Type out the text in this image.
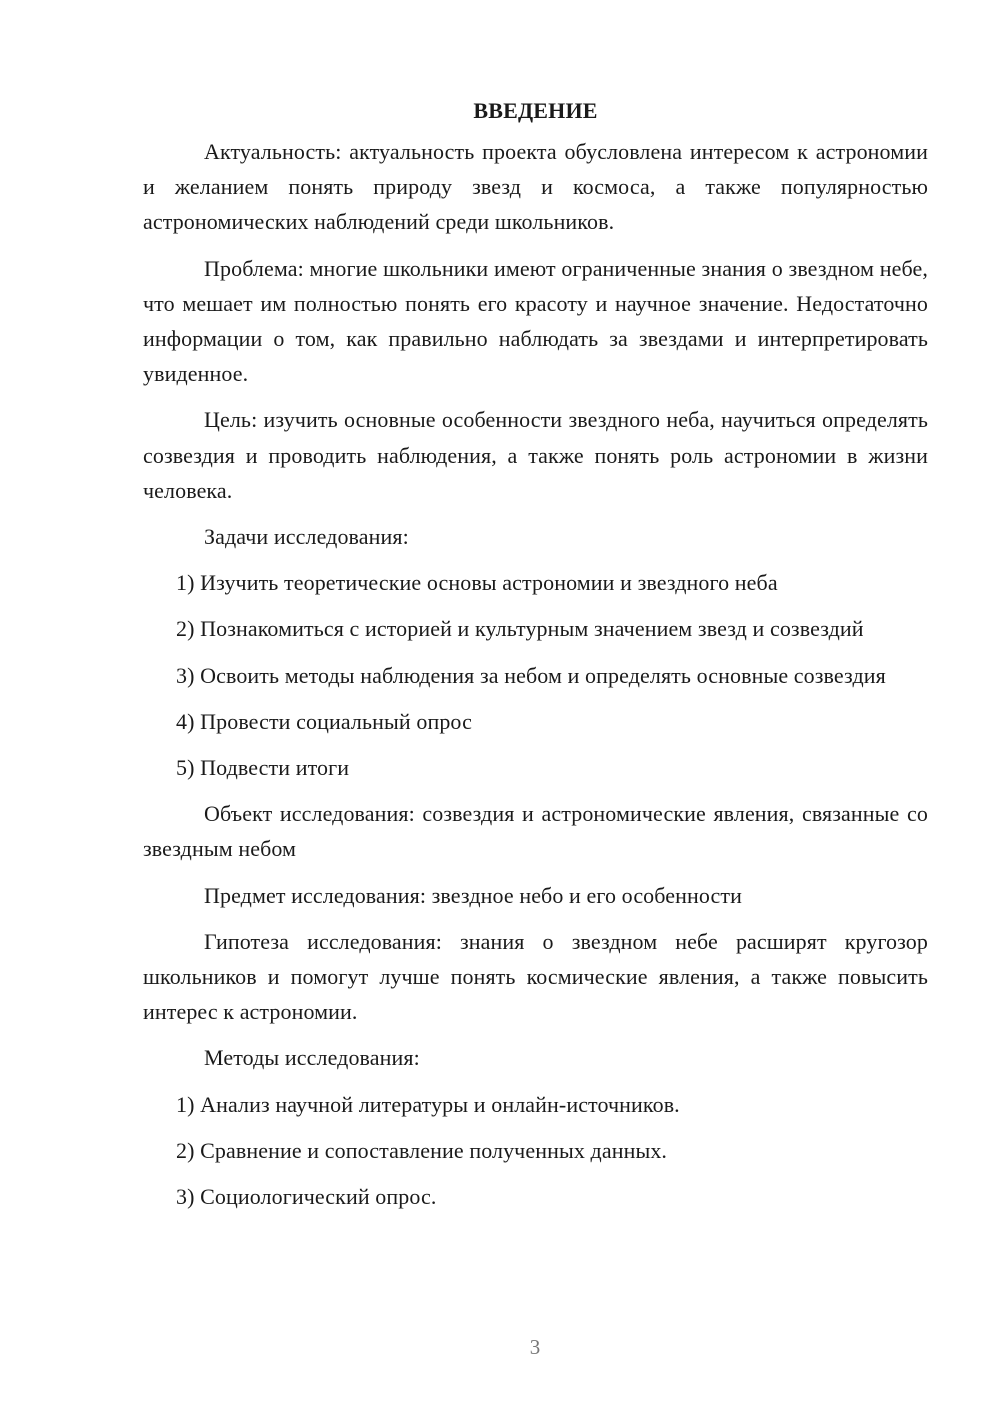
ВВЕДЕНИЕ

Актуальность: актуальность проекта обусловлена интересом к астрономии и желанием понять природу звезд и космоса, а также популярностью астрономических наблюдений среди школьников.

Проблема: многие школьники имеют ограниченные знания о звездном небе, что мешает им полностью понять его красоту и научное значение. Недостаточно информации о том, как правильно наблюдать за звездами и интерпретировать увиденное.

Цель: изучить основные особенности звездного неба, научиться определять созвездия и проводить наблюдения, а также понять роль астрономии в жизни человека.

Задачи исследования:

1) Изучить теоретические основы астрономии и звездного неба

2) Познакомиться с историей и культурным значением звезд и созвездий

3) Освоить методы наблюдения за небом и определять основные созвездия

4) Провести социальный опрос

5) Подвести итоги

Объект исследования: созвездия и астрономические явления, связанные со звездным небом

Предмет исследования: звездное небо и его особенности

Гипотеза исследования: знания о звездном небе расширят кругозор школьников и помогут лучше понять космические явления, а также повысить интерес к астрономии.

Методы исследования:

1) Анализ научной литературы и онлайн-источников.

2) Сравнение и сопоставление полученных данных.

3) Социологический опрос.

3
